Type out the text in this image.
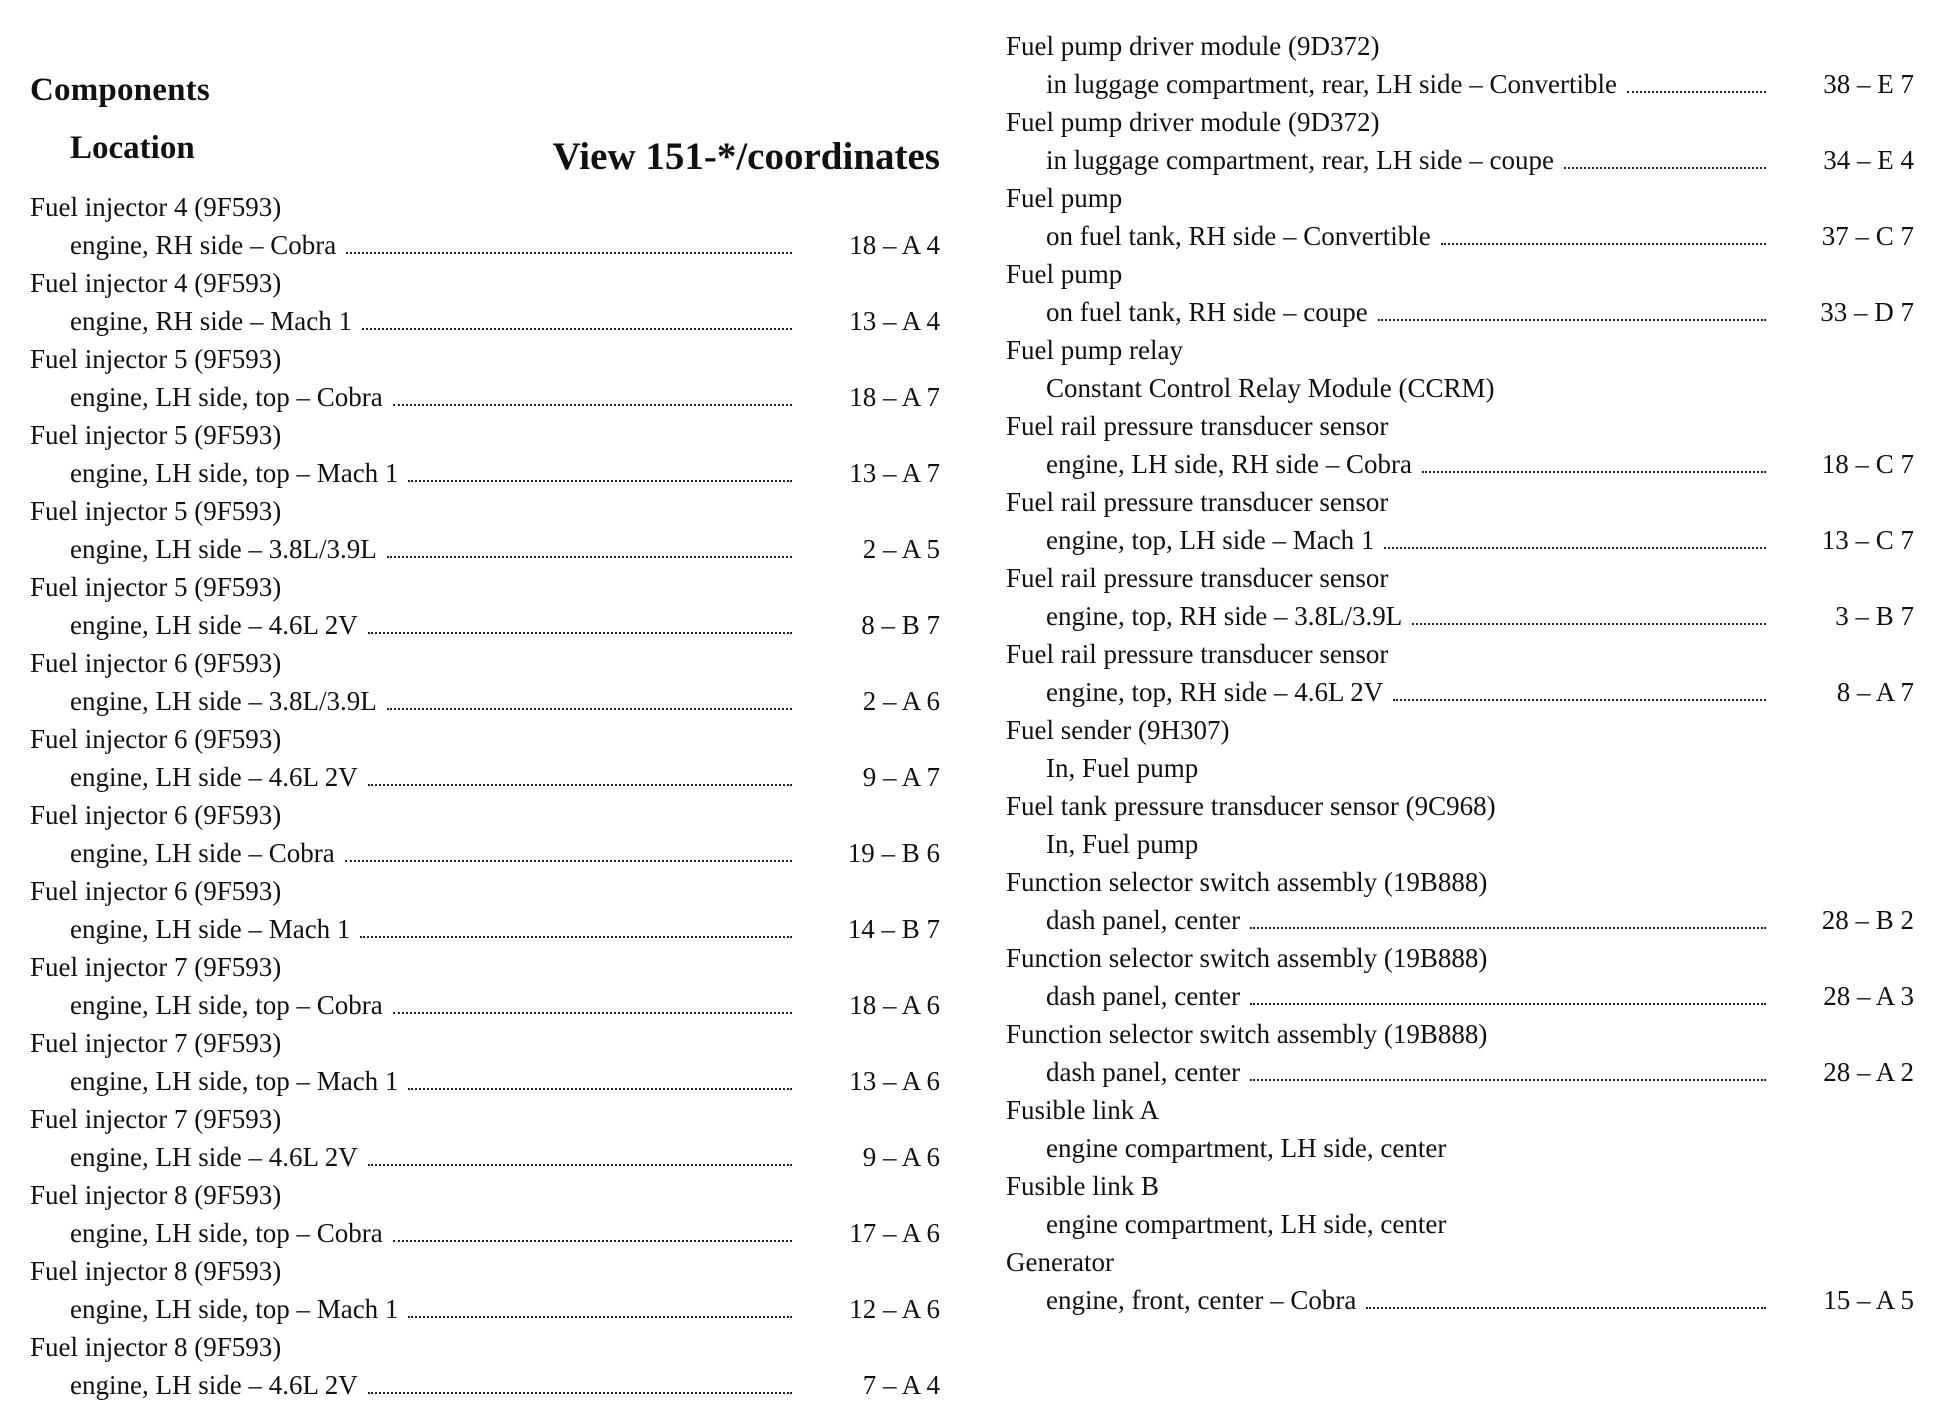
Components
Location	View 151-*/coordinates
Fuel injector 4 (9F593)
engine, RH side – Cobra	18 – A 4
Fuel injector 4 (9F593)
engine, RH side – Mach 1	13 – A 4
Fuel injector 5 (9F593)
engine, LH side, top – Cobra	18 – A 7
Fuel injector 5 (9F593)
engine, LH side, top – Mach 1	13 – A 7
Fuel injector 5 (9F593)
engine, LH side – 3.8L/3.9L	2 – A 5
Fuel injector 5 (9F593)
engine, LH side – 4.6L 2V	8 – B 7
Fuel injector 6 (9F593)
engine, LH side – 3.8L/3.9L	2 – A 6
Fuel injector 6 (9F593)
engine, LH side – 4.6L 2V	9 – A 7
Fuel injector 6 (9F593)
engine, LH side – Cobra	19 – B 6
Fuel injector 6 (9F593)
engine, LH side – Mach 1	14 – B 7
Fuel injector 7 (9F593)
engine, LH side, top – Cobra	18 – A 6
Fuel injector 7 (9F593)
engine, LH side, top – Mach 1	13 – A 6
Fuel injector 7 (9F593)
engine, LH side – 4.6L 2V	9 – A 6
Fuel injector 8 (9F593)
engine, LH side, top – Cobra	17 – A 6
Fuel injector 8 (9F593)
engine, LH side, top – Mach 1	12 – A 6
Fuel injector 8 (9F593)
engine, LH side – 4.6L 2V	7 – A 4
Fuel pump driver module (9D372)
in luggage compartment, rear, LH side – Convertible	38 – E 7
Fuel pump driver module (9D372)
in luggage compartment, rear, LH side – coupe	34 – E 4
Fuel pump
on fuel tank, RH side – Convertible	37 – C 7
Fuel pump
on fuel tank, RH side – coupe	33 – D 7
Fuel pump relay
Constant Control Relay Module (CCRM)
Fuel rail pressure transducer sensor
engine, LH side, RH side – Cobra	18 – C 7
Fuel rail pressure transducer sensor
engine, top, LH side – Mach 1	13 – C 7
Fuel rail pressure transducer sensor
engine, top, RH side – 3.8L/3.9L	3 – B 7
Fuel rail pressure transducer sensor
engine, top, RH side – 4.6L 2V	8 – A 7
Fuel sender (9H307)
In, Fuel pump
Fuel tank pressure transducer sensor (9C968)
In, Fuel pump
Function selector switch assembly (19B888)
dash panel, center	28 – B 2
Function selector switch assembly (19B888)
dash panel, center	28 – A 3
Function selector switch assembly (19B888)
dash panel, center	28 – A 2
Fusible link A
engine compartment, LH side, center
Fusible link B
engine compartment, LH side, center
Generator
engine, front, center – Cobra	15 – A 5
